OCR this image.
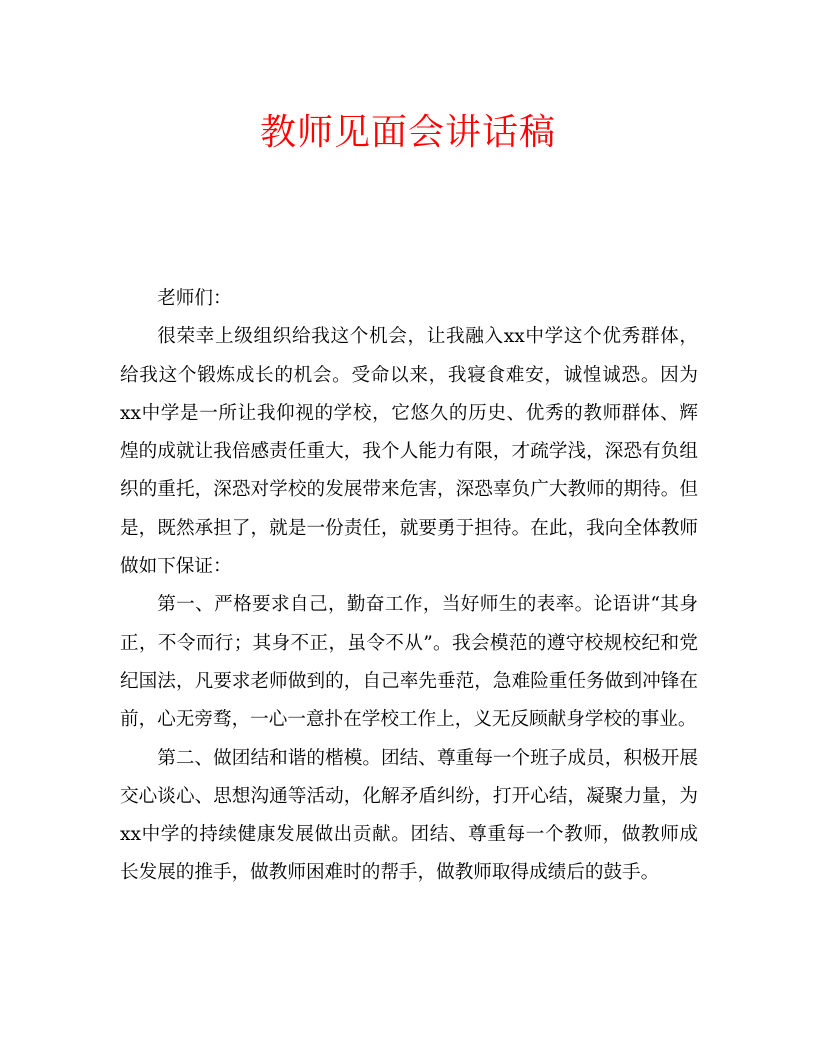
教师见面会讲话稿

老师们：

很荣幸上级组织给我这个机会，让我融入xx中学这个优秀群体，给我这个锻炼成长的机会。受命以来，我寝食难安，诚惶诚恐。因为xx中学是一所让我仰视的学校，它悠久的历史、优秀的教师群体、辉煌的成就让我倍感责任重大，我个人能力有限，才疏学浅，深恐有负组织的重托，深恐对学校的发展带来危害，深恐辜负广大教师的期待。但是，既然承担了，就是一份责任，就要勇于担待。在此，我向全体教师做如下保证：

第一、严格要求自己，勤奋工作，当好师生的表率。论语讲“其身正，不令而行；其身不正，虽令不从”。我会模范的遵守校规校纪和党纪国法，凡要求老师做到的，自己率先垂范，急难险重任务做到冲锋在前，心无旁骛，一心一意扑在学校工作上，义无反顾献身学校的事业。

第二、做团结和谐的楷模。团结、尊重每一个班子成员，积极开展交心谈心、思想沟通等活动，化解矛盾纠纷，打开心结，凝聚力量，为xx中学的持续健康发展做出贡献。团结、尊重每一个教师，做教师成长发展的推手，做教师困难时的帮手，做教师取得成绩后的鼓手。
